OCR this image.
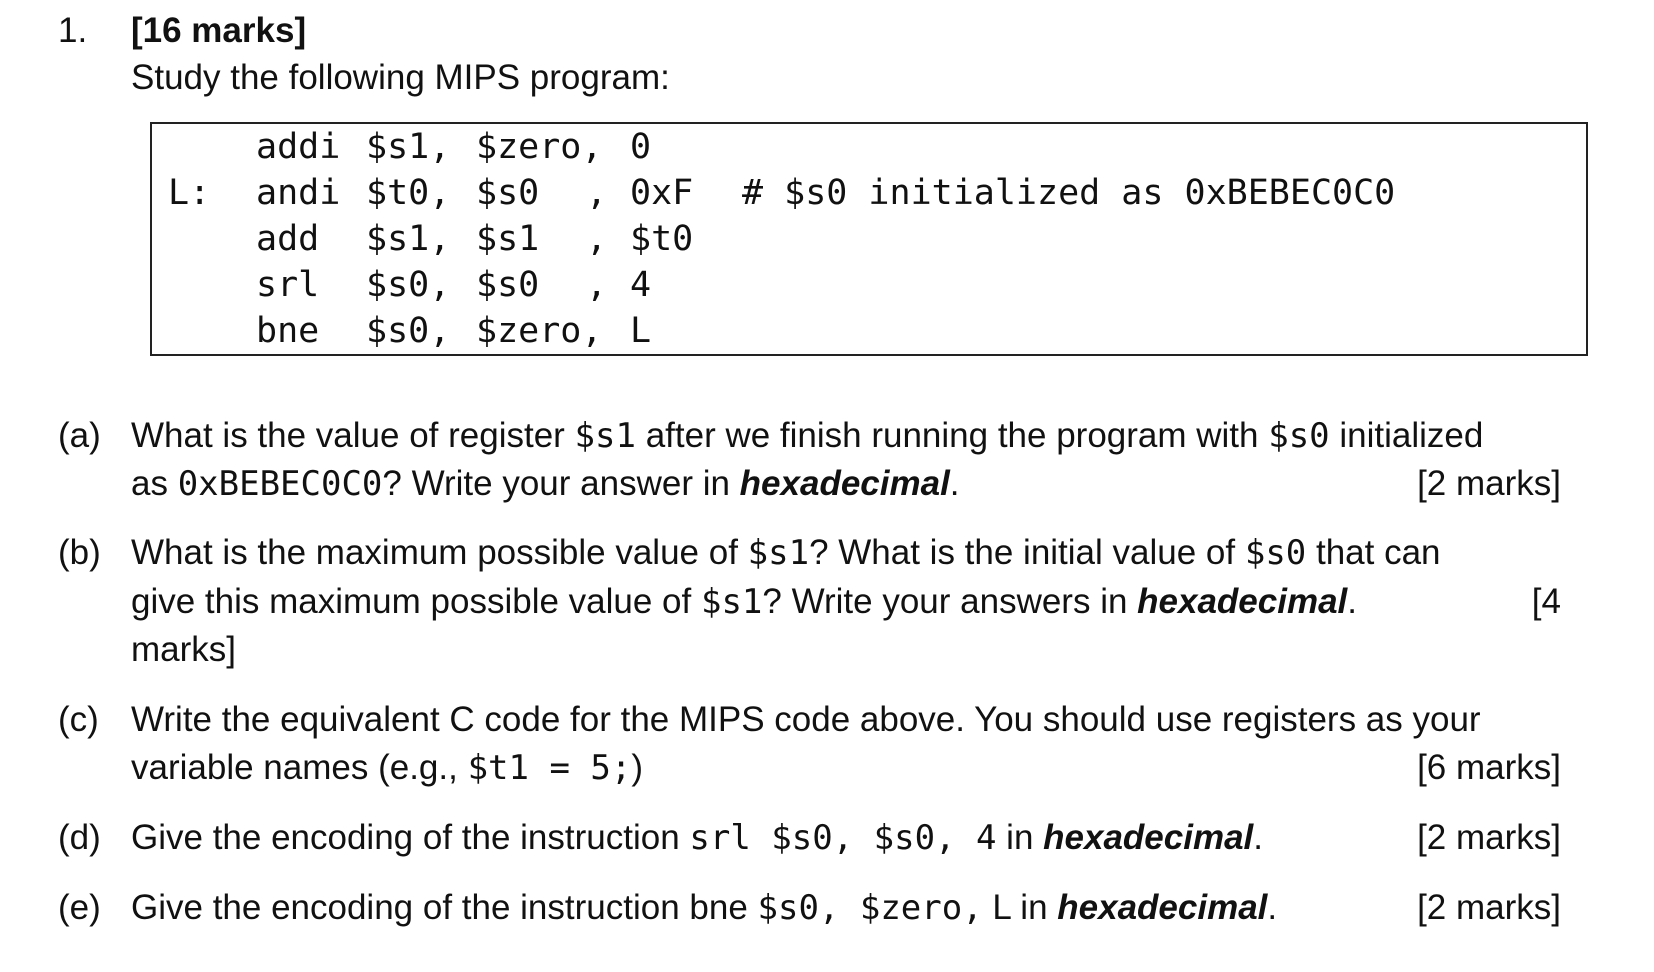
1. [16 marks]
Study the following MIPS program:
addi $s1, $zero, 0
L: andi $t0, $s0 , 0xF # $s0 initialized as 0xBEBEC0C0
add $s1, $s1 , $t0
srl $s0, $s0 , 4
bne $s0, $zero, L
(a) What is the value of register $s1 after we finish running the program with $s0 initialized
as 0xBEBEC0C0? Write your answer in hexadecimal.	[2 marks]
(b) What is the maximum possible value of $s1? What is the initial value of $s0 that can
give this maximum possible value of $s1? Write your answers in hexadecimal.	[4
marks]
(c) Write the equivalent C code for the MIPS code above. You should use registers as your
variable names (e.g., $t1 = 5;)	[6 marks]
(d) Give the encoding of the instruction srl $s0, $s0, 4 in hexadecimal.	[2 marks]
(e) Give the encoding of the instruction bne $s0, $zero, L in hexadecimal.	[2 marks]
